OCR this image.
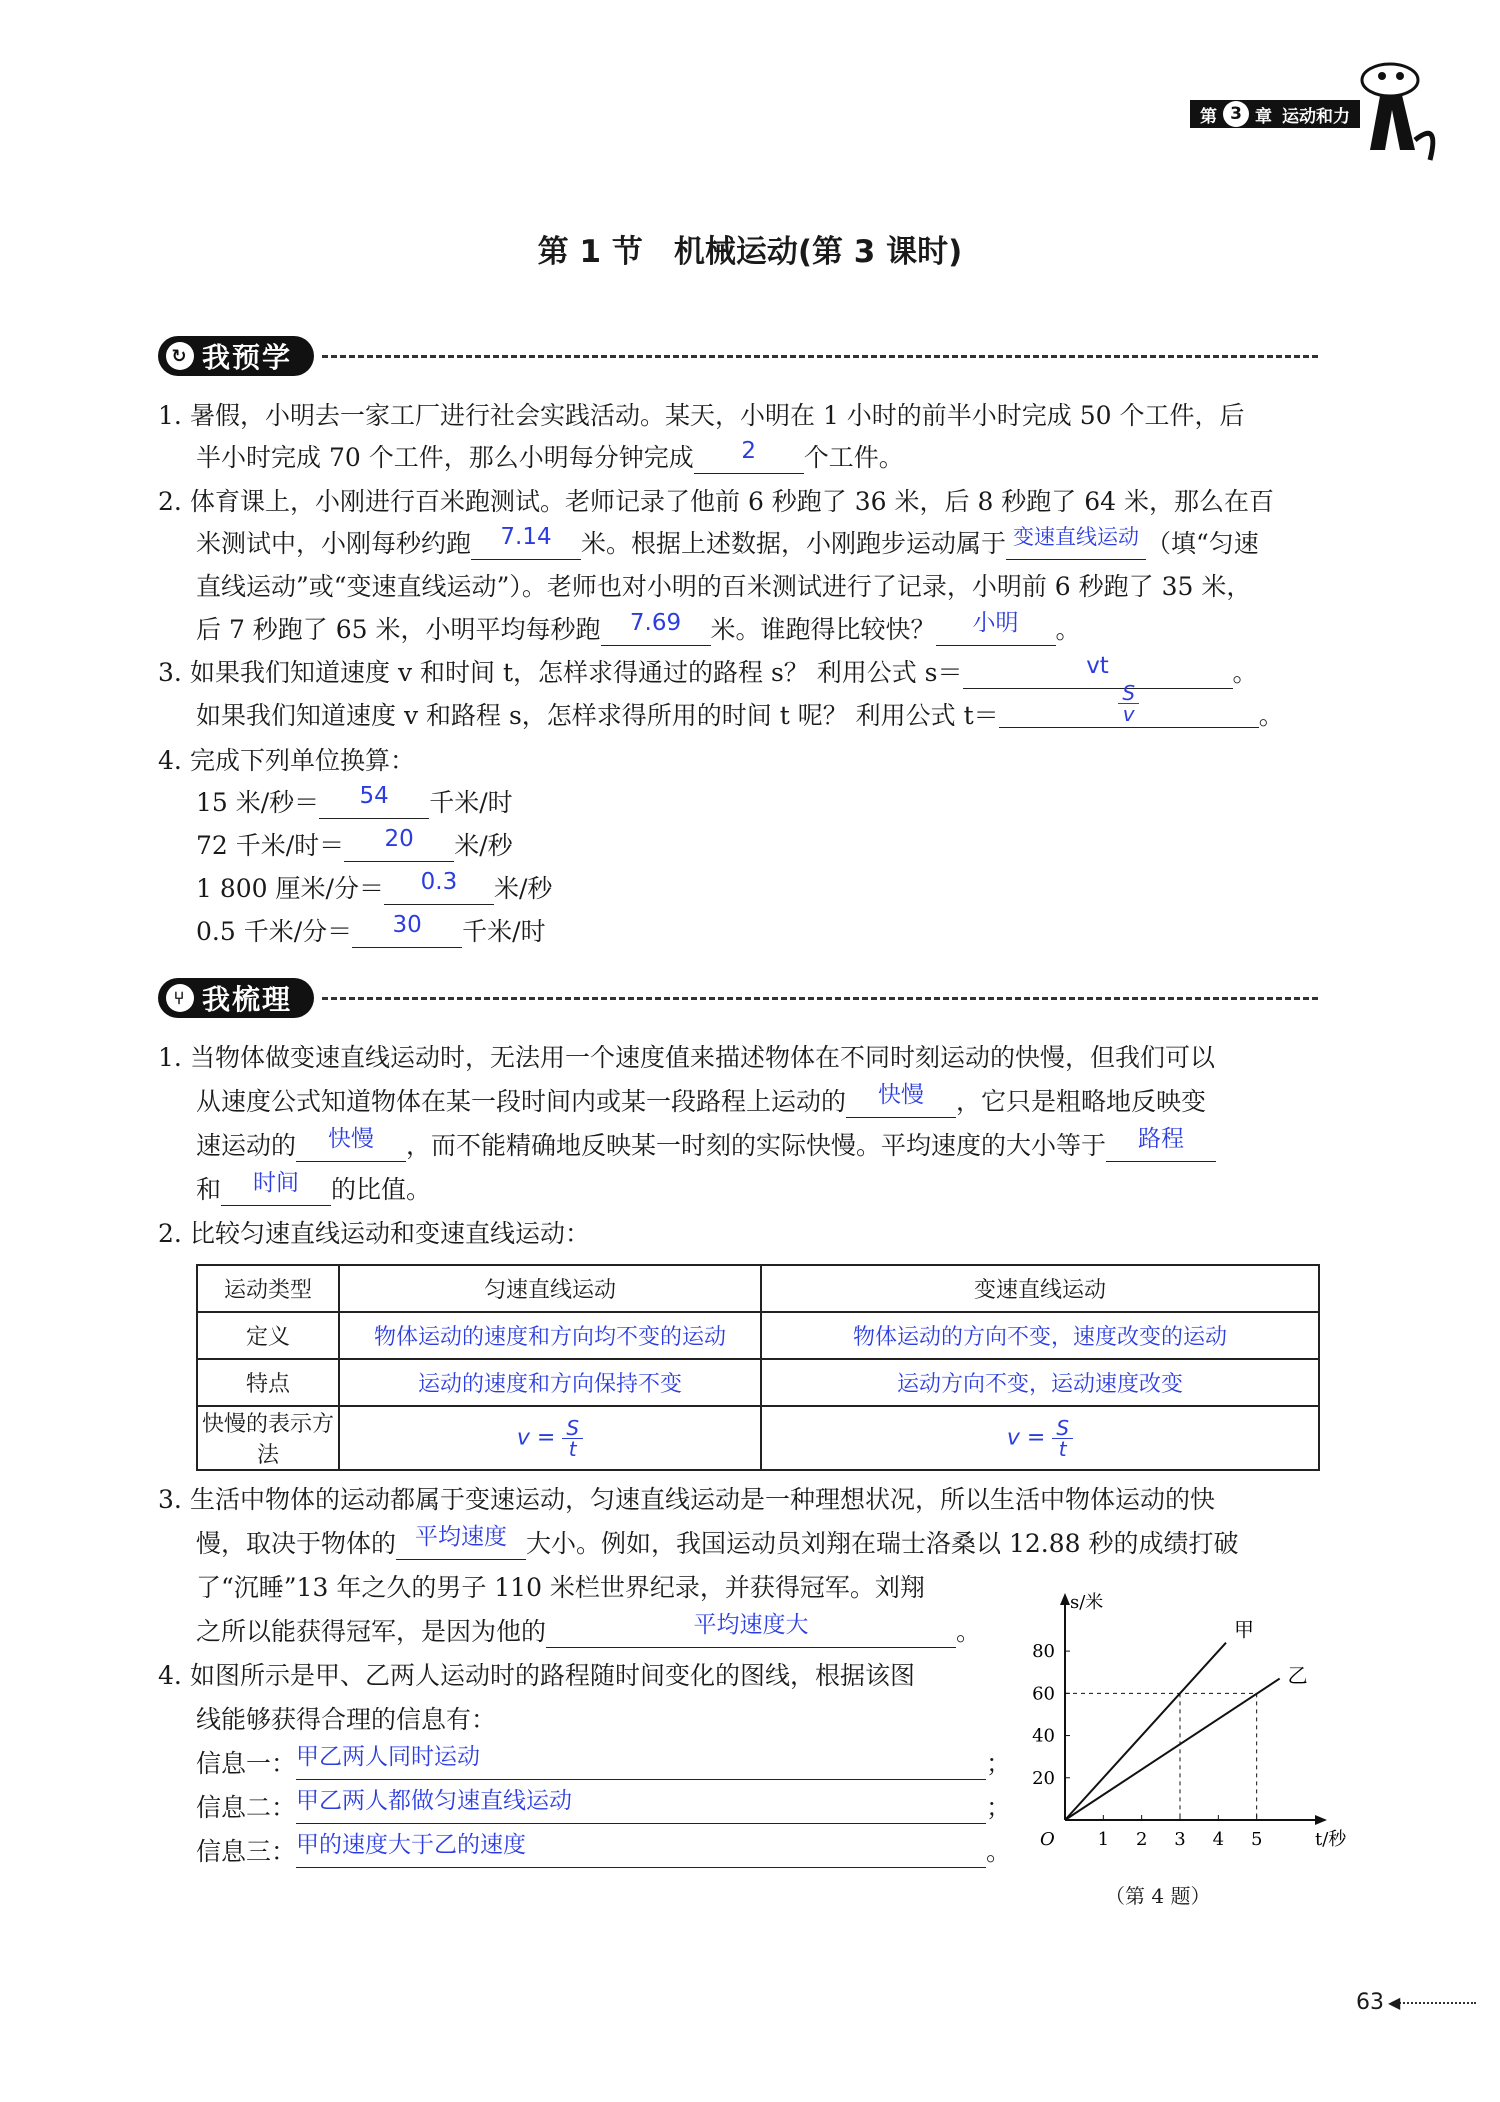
第 3 章 运动和力
第 1 节　机械运动(第 3 课时)
↻ 我预学
1. 暑假，小明去一家工厂进行社会实践活动。某天，小明在 1 小时的前半小时完成 50 个工件，后
半小时完成 70 个工件，那么小明每分钟完成 2 个工件。
2. 体育课上，小刚进行百米跑测试。老师记录了他前 6 秒跑了 36 米，后 8 秒跑了 64 米，那么在百
米测试中，小刚每秒约跑 7.14 米。根据上述数据，小刚跑步运动属于 $^{变速直线运动}$ （填“匀速
直线运动”或“变速直线运动”）。老师也对小明的百米测试进行了记录，小明前 6 秒跑了 35 米，
后 7 秒跑了 65 米，小明平均每秒跑 7.69 米。谁跑得比较快？ 小明 。
3. 如果我们知道速度 v 和时间 t，怎样求得通过的路程 s？ 利用公式 s＝	vt	。
如果我们知道速度 v 和路程 s，怎样求得所用的时间 t 呢？ 利用公式 t＝	$\frac{S}{v}$	。
4. 完成下列单位换算：
15 米/秒＝ 54 千米/时
72 千米/时＝ 20 米/秒
1 800 厘米/分＝ 0.3 米/秒
0.5 千米/分＝ 30 千米/时
⑂ 我梳理
1. 当物体做变速直线运动时，无法用一个速度值来描述物体在不同时刻运动的快慢，但我们可以
从速度公式知道物体在某一段时间内或某一段路程上运动的 快慢 ，它只是粗略地反映变
速运动的 快慢 ，而不能精确地反映某一时刻的实际快慢。平均速度的大小等于 路程
和 时间 的比值。
2. 比较匀速直线运动和变速直线运动：
运动类型	匀速直线运动	变速直线运动
定义	物体运动的速度和方向均不变的运动	物体运动的方向不变，速度改变的运动
特点	运动的速度和方向保持不变	运动方向不变，运动速度改变
快慢的表示方法	$v = \frac{S}{t}$	$v = \frac{S}{t}$
3. 生活中物体的运动都属于变速运动，匀速直线运动是一种理想状况，所以生活中物体运动的快
慢，取决于物体的 平均速度 大小。例如，我国运动员刘翔在瑞士洛桑以 12.88 秒的成绩打破
了“沉睡”13 年之久的男子 110 米栏世界纪录，并获得冠军。刘翔
之所以能获得冠军，是因为他的	平均速度大	。
4. 如图所示是甲、乙两人运动时的路程随时间变化的图线，根据该图
线能够获得合理的信息有：
信息一：甲乙两人同时运动	；
信息二：甲乙两人都做匀速直线运动	；
信息三：甲的速度大于乙的速度	。	1 2 3 4 5
20
40
60
80
O
s/米
t/秒
甲
乙
（第 4 题）
63 ◀
